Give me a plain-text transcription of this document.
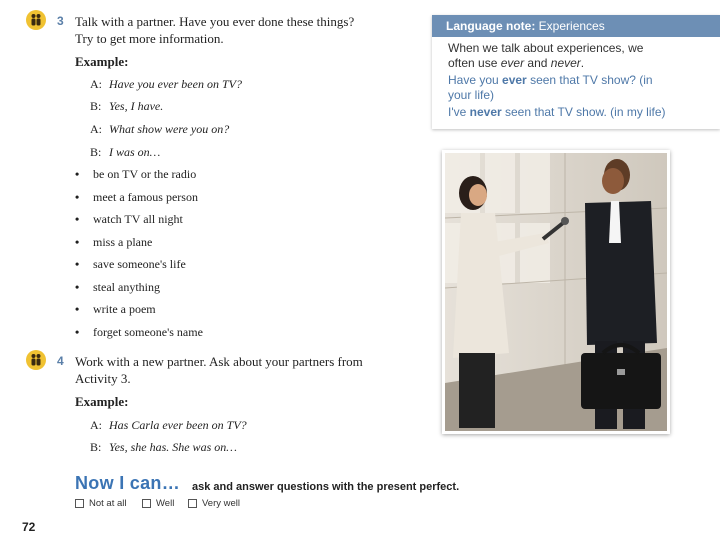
3 Talk with a partner. Have you ever done these things?
Try to get more information.
Example:
A: Have you ever been on TV?
B: Yes, I have.
A: What show were you on?
B: I was on…
• be on TV or the radio
• meet a famous person
• watch TV all night
• miss a plane
• save someone's life
• steal anything
• write a poem
• forget someone's name
4 Work with a new partner. Ask about your partners from
Activity 3.
Example:
A: Has Carla ever been on TV?
B: Yes, she has. She was on…
Language note: Experiences
When we talk about experiences, we
often use ever and never.
Have you ever seen that TV show? (in
your life)
I've never seen that TV show. (in my life)
Now I can… ask and answer questions with the present perfect.
Not at all	Well	Very well
72
